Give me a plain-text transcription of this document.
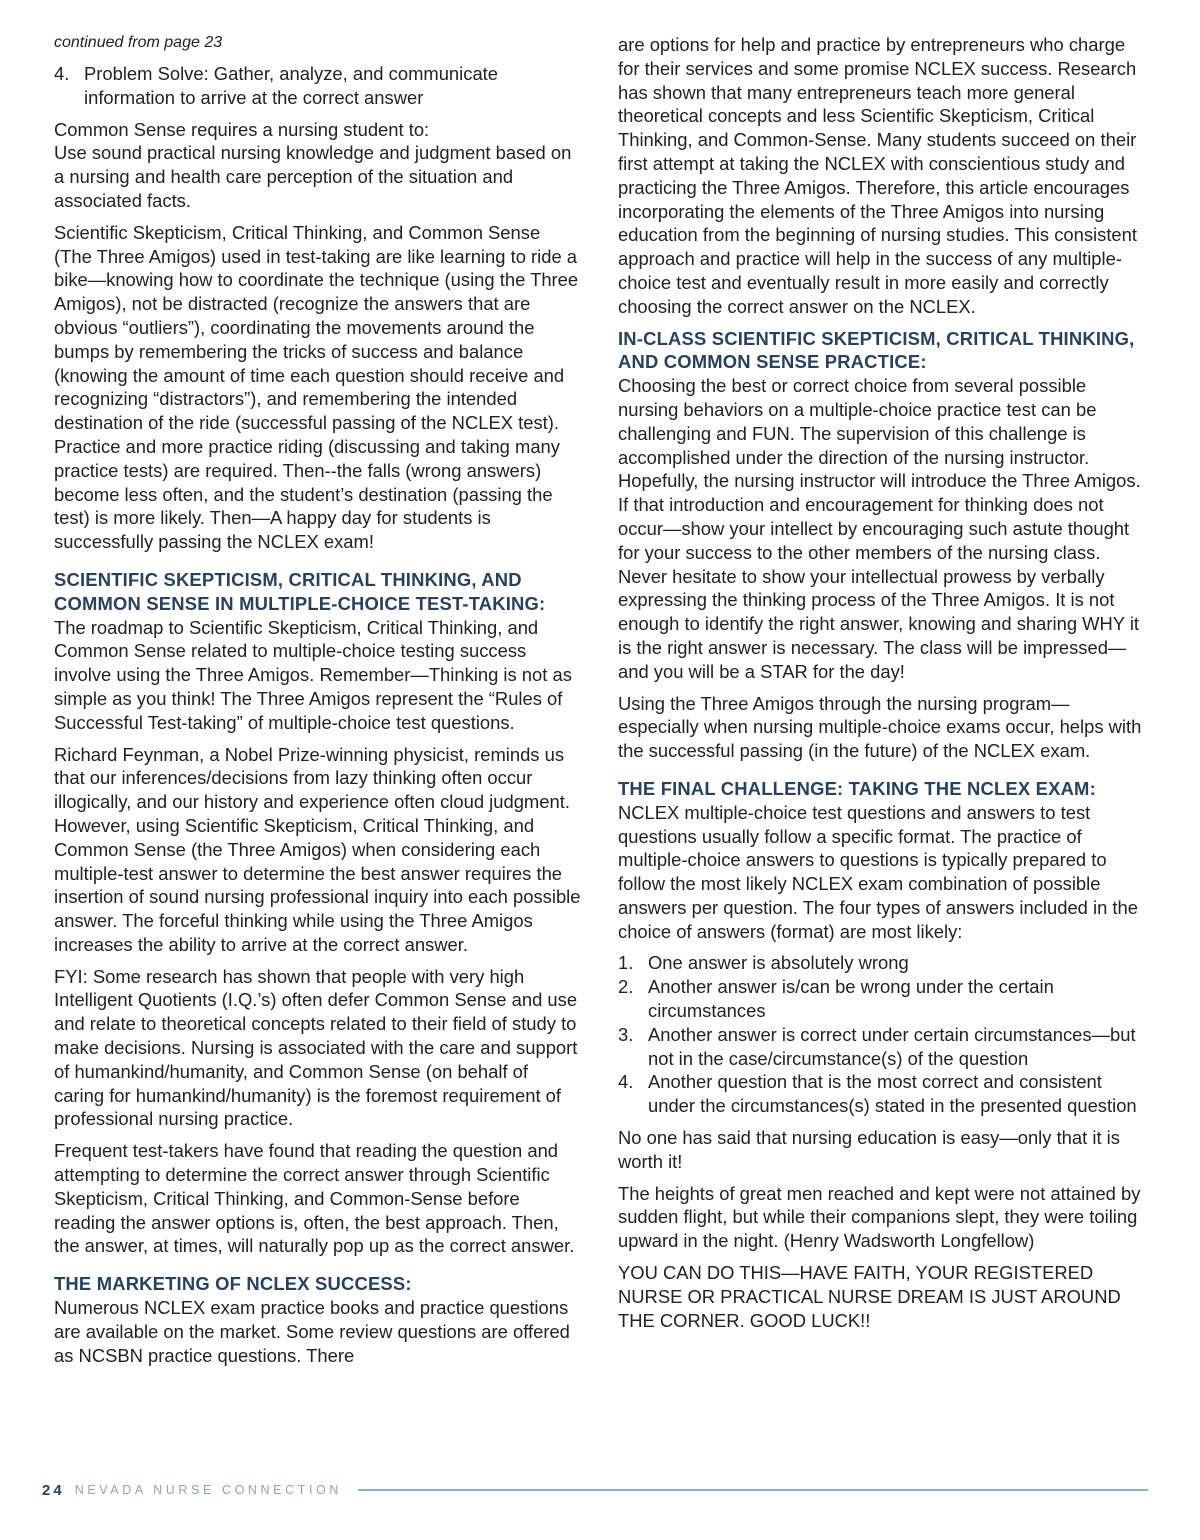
continued from page 23

4. Problem Solve: Gather, analyze, and communicate information to arrive at the correct answer

Common Sense requires a nursing student to:
Use sound practical nursing knowledge and judgment based on a nursing and health care perception of the situation and associated facts.

Scientific Skepticism, Critical Thinking, and Common Sense (The Three Amigos) used in test-taking are like learning to ride a bike—knowing how to coordinate the technique (using the Three Amigos), not be distracted (recognize the answers that are obvious “outliers”), coordinating the movements around the bumps by remembering the tricks of success and balance (knowing the amount of time each question should receive and recognizing “distractors”), and remembering the intended destination of the ride (successful passing of the NCLEX test). Practice and more practice riding (discussing and taking many practice tests) are required. Then--the falls (wrong answers) become less often, and the student’s destination (passing the test) is more likely. Then—A happy day for students is successfully passing the NCLEX exam!

SCIENTIFIC SKEPTICISM, CRITICAL THINKING, AND COMMON SENSE IN MULTIPLE-CHOICE TEST-TAKING:

The roadmap to Scientific Skepticism, Critical Thinking, and Common Sense related to multiple-choice testing success involve using the Three Amigos. Remember—Thinking is not as simple as you think! The Three Amigos represent the “Rules of Successful Test-taking” of multiple-choice test questions.

Richard Feynman, a Nobel Prize-winning physicist, reminds us that our inferences/decisions from lazy thinking often occur illogically, and our history and experience often cloud judgment. However, using Scientific Skepticism, Critical Thinking, and Common Sense (the Three Amigos) when considering each multiple-test answer to determine the best answer requires the insertion of sound nursing professional inquiry into each possible answer. The forceful thinking while using the Three Amigos increases the ability to arrive at the correct answer.

FYI: Some research has shown that people with very high Intelligent Quotients (I.Q.’s) often defer Common Sense and use and relate to theoretical concepts related to their field of study to make decisions. Nursing is associated with the care and support of humankind/humanity, and Common Sense (on behalf of caring for humankind/humanity) is the foremost requirement of professional nursing practice.

Frequent test-takers have found that reading the question and attempting to determine the correct answer through Scientific Skepticism, Critical Thinking, and Common-Sense before reading the answer options is, often, the best approach. Then, the answer, at times, will naturally pop up as the correct answer.

THE MARKETING OF NCLEX SUCCESS:

Numerous NCLEX exam practice books and practice questions are available on the market. Some review questions are offered as NCSBN practice questions. There

are options for help and practice by entrepreneurs who charge for their services and some promise NCLEX success. Research has shown that many entrepreneurs teach more general theoretical concepts and less Scientific Skepticism, Critical Thinking, and Common-Sense. Many students succeed on their first attempt at taking the NCLEX with conscientious study and practicing the Three Amigos. Therefore, this article encourages incorporating the elements of the Three Amigos into nursing education from the beginning of nursing studies. This consistent approach and practice will help in the success of any multiple-choice test and eventually result in more easily and correctly choosing the correct answer on the NCLEX.

IN-CLASS SCIENTIFIC SKEPTICISM, CRITICAL THINKING, AND COMMON SENSE PRACTICE:

Choosing the best or correct choice from several possible nursing behaviors on a multiple-choice practice test can be challenging and FUN. The supervision of this challenge is accomplished under the direction of the nursing instructor. Hopefully, the nursing instructor will introduce the Three Amigos. If that introduction and encouragement for thinking does not occur—show your intellect by encouraging such astute thought for your success to the other members of the nursing class. Never hesitate to show your intellectual prowess by verbally expressing the thinking process of the Three Amigos. It is not enough to identify the right answer, knowing and sharing WHY it is the right answer is necessary. The class will be impressed—and you will be a STAR for the day!

Using the Three Amigos through the nursing program—especially when nursing multiple-choice exams occur, helps with the successful passing (in the future) of the NCLEX exam.

THE FINAL CHALLENGE: TAKING THE NCLEX EXAM:

NCLEX multiple-choice test questions and answers to test questions usually follow a specific format. The practice of multiple-choice answers to questions is typically prepared to follow the most likely NCLEX exam combination of possible answers per question. The four types of answers included in the choice of answers (format) are most likely:

1. One answer is absolutely wrong
2. Another answer is/can be wrong under the certain circumstances
3. Another answer is correct under certain circumstances—but not in the case/circumstance(s) of the question
4. Another question that is the most correct and consistent under the circumstances(s) stated in the presented question

No one has said that nursing education is easy—only that it is worth it!

The heights of great men reached and kept were not attained by sudden flight, but while their companions slept, they were toiling upward in the night. (Henry Wadsworth Longfellow)

YOU CAN DO THIS—HAVE FAITH, YOUR REGISTERED NURSE OR PRACTICAL NURSE DREAM IS JUST AROUND THE CORNER. GOOD LUCK!!

24 NEVADA NURSE CONNECTION
